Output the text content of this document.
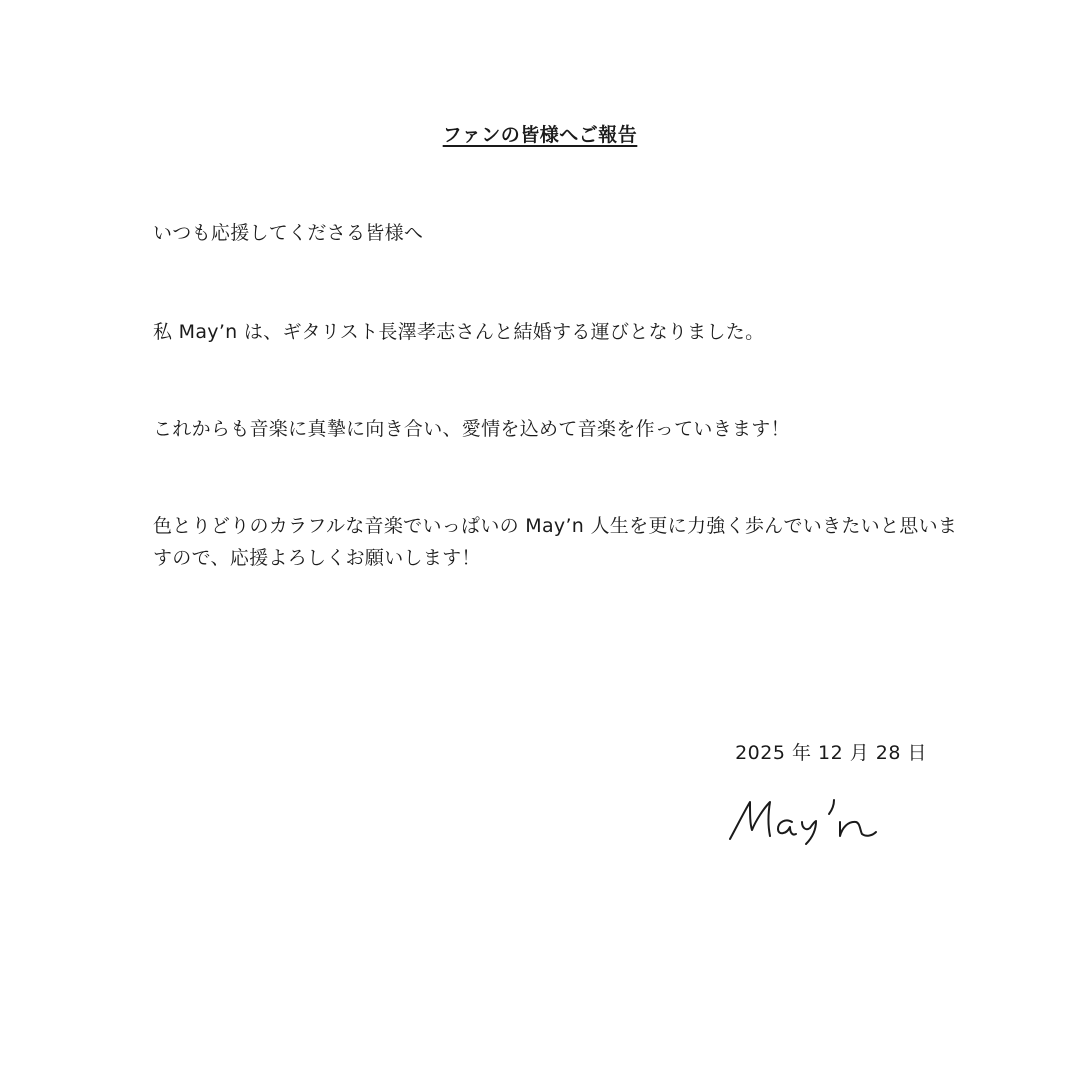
ファンの皆様へご報告
いつも応援してくださる皆様へ
私 May’n は、ギタリスト長澤孝志さんと結婚する運びとなりました。
これからも音楽に真摯に向き合い、愛情を込めて音楽を作っていきます！
色とりどりのカラフルな音楽でいっぱいの May’n 人生を更に力強く歩んでいきたいと思いま
すので、応援よろしくお願いします！
2025 年 12 月 28 日
